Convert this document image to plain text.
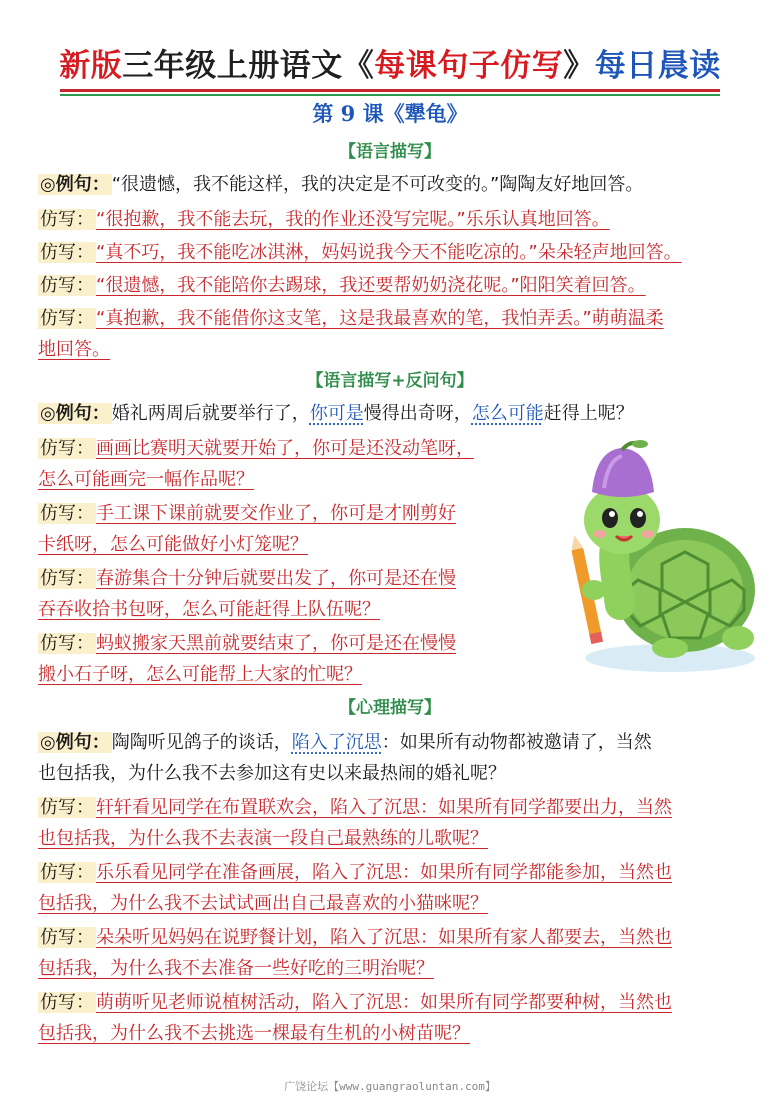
新版三年级上册语文《每课句子仿写》每日晨读
第 9 课《犟龟》
【语言描写】
◎例句： “很遗憾，我不能这样，我的决定是不可改变的。”陶陶友好地回答。
仿写： “很抱歉，我不能去玩，我的作业还没写完呢。”乐乐认真地回答。
仿写： “真不巧，我不能吃冰淇淋，妈妈说我今天不能吃凉的。”朵朵轻声地回答。
仿写： “很遗憾，我不能陪你去踢球，我还要帮奶奶浇花呢。”阳阳笑着回答。
仿写： “真抱歉，我不能借你这支笔，这是我最喜欢的笔，我怕弄丢。”萌萌温柔
地回答。
【语言描写+反问句】
◎例句： 婚礼两周后就要举行了，你可是慢得出奇呀，怎么可能赶得上呢？
仿写： 画画比赛明天就要开始了，你可是还没动笔呀，
怎么可能画完一幅作品呢？
仿写： 手工课下课前就要交作业了，你可是才刚剪好
卡纸呀，怎么可能做好小灯笼呢？
仿写： 春游集合十分钟后就要出发了，你可是还在慢
吞吞收拾书包呀，怎么可能赶得上队伍呢？
仿写： 蚂蚁搬家天黑前就要结束了，你可是还在慢慢
搬小石子呀，怎么可能帮上大家的忙呢？
【心理描写】
◎例句： 陶陶听见鸽子的谈话，陷入了沉思：如果所有动物都被邀请了，当然
也包括我，为什么我不去参加这有史以来最热闹的婚礼呢？
仿写： 轩轩看见同学在布置联欢会，陷入了沉思：如果所有同学都要出力，当然
也包括我，为什么我不去表演一段自己最熟练的儿歌呢？
仿写： 乐乐看见同学在准备画展，陷入了沉思：如果所有同学都能参加，当然也
包括我，为什么我不去试试画出自己最喜欢的小猫咪呢？
仿写： 朵朵听见妈妈在说野餐计划，陷入了沉思：如果所有家人都要去，当然也
包括我，为什么我不去准备一些好吃的三明治呢？
仿写： 萌萌听见老师说植树活动，陷入了沉思：如果所有同学都要种树，当然也
包括我，为什么我不去挑选一棵最有生机的小树苗呢？
广饶论坛【www.guangraoluntan.com】
